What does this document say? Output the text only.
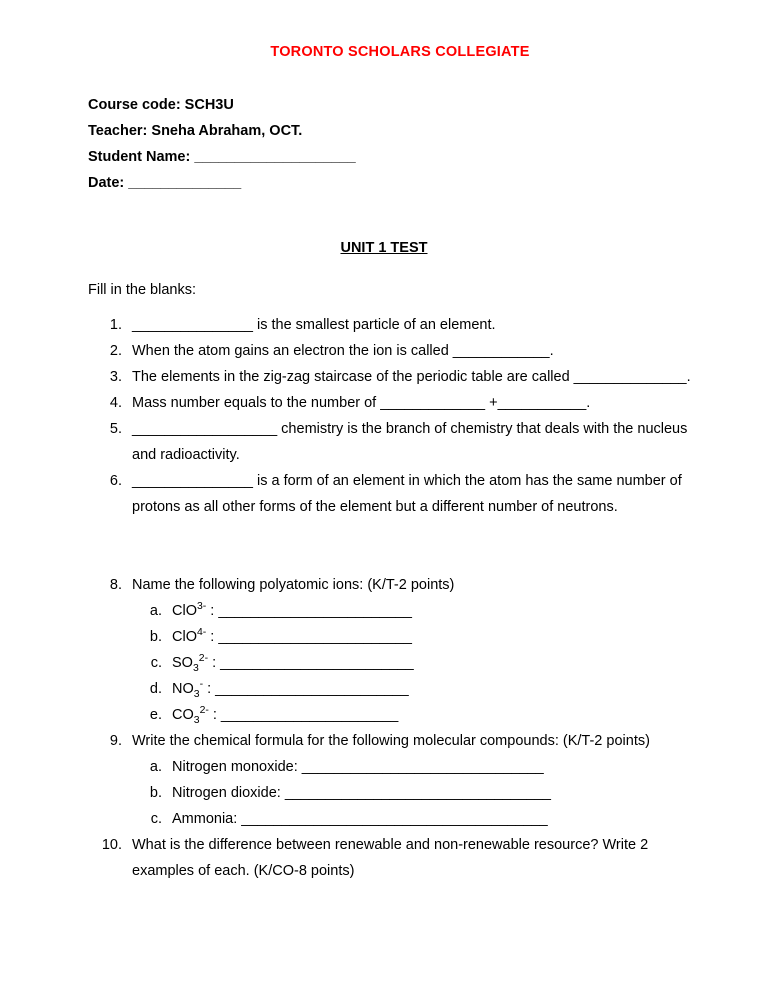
TORONTO SCHOLARS COLLEGIATE
Course code: SCH3U
Teacher: Sneha Abraham, OCT.
Student Name: ____________________
Date: ______________
UNIT 1 TEST
Fill in the blanks:
1. _______________ is the smallest particle of an element.
2. When the atom gains an electron the ion is called ____________.
3. The elements in the zig-zag staircase of the periodic table are called ______________.
4. Mass number equals to the number of _____________ +___________.
5. __________________ chemistry is the branch of chemistry that deals with the nucleus and radioactivity.
6. _______________ is a form of an element in which the atom has the same number of protons as all other forms of the element but a different number of neutrons.
8. Name the following polyatomic ions: (K/T-2 points)
a. ClO$^{3-}$ : ________________________
b. ClO$^{4-}$ : ________________________
c. $SO_3^{2-}$ : ________________________
d. $NO_3^-$ : ________________________
e. $CO_3^{2-}$ : ______________________
9. Write the chemical formula for the following molecular compounds: (K/T-2 points)
a. Nitrogen monoxide: ______________________________
b. Nitrogen dioxide: _________________________________
c. Ammonia: ______________________________________
10. What is the difference between renewable and non-renewable resource? Write 2 examples of each. (K/CO-8 points)
